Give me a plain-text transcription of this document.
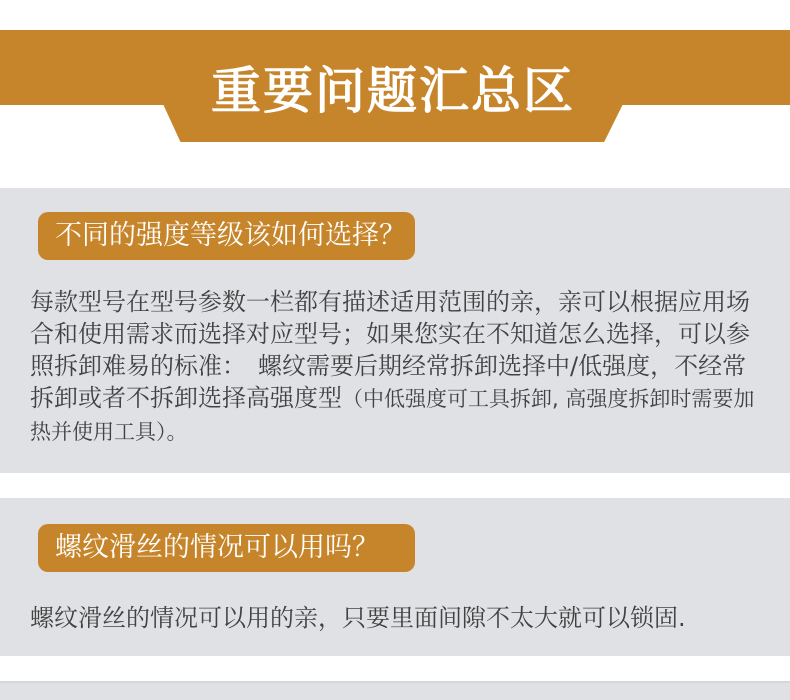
重要问题汇总区
不同的强度等级该如何选择？
每款型号在型号参数一栏都有描述适用范围的亲，亲可以根据应用场
合和使用需求而选择对应型号；如果您实在不知道怎么选择，可以参
照拆卸难易的标准：　螺纹需要后期经常拆卸选择中/低强度，不经常
拆卸或者不拆卸选择高强度型（中低强度可工具拆卸, 高强度拆卸时需要加
热并使用工具）。
螺纹滑丝的情况可以用吗？
螺纹滑丝的情况可以用的亲，只要里面间隙不太大就可以锁固.
